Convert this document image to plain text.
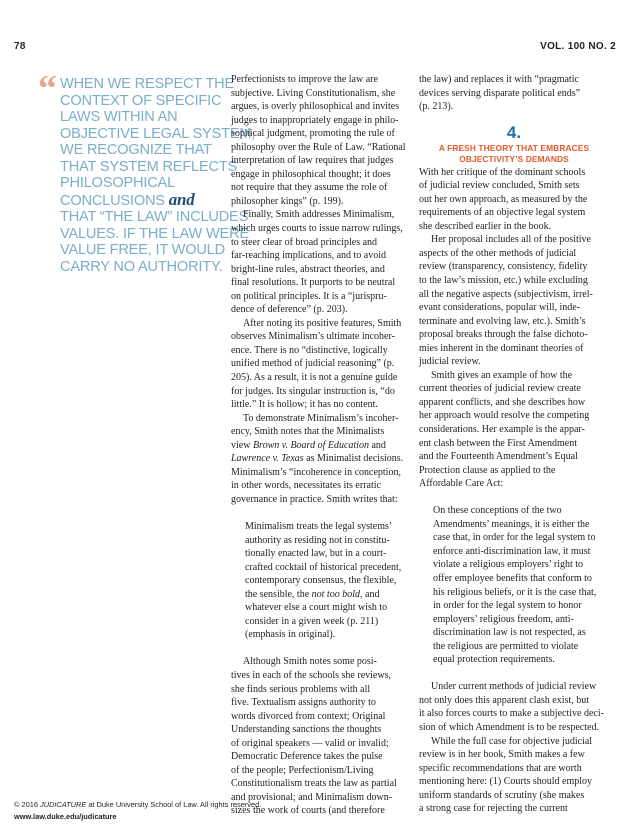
78	VOL. 100 NO. 2
“ WHEN WE RESPECT THE
CONTEXT OF SPECIFIC
LAWS WITHIN AN
OBJECTIVE LEGAL SYSTEM,
WE RECOGNIZE THAT
THAT SYSTEM REFLECTS
PHILOSOPHICAL
CONCLUSIONS and
THAT “THE LAW” INCLUDES
VALUES. IF THE LAW WERE
VALUE FREE, IT WOULD
CARRY NO AUTHORITY.

Perfectionists to improve the law are
subjective. Living Constitutionalism, she
argues, is overly philosophical and invites
judges to inappropriately engage in philo-
sophical judgment, promoting the rule of
philosophy over the Rule of Law. “Rational
interpretation of law requires that judges
engage in philosophical thought; it does
not require that they assume the role of
philosopher kings” (p. 199).

Finally, Smith addresses Minimalism,
which urges courts to issue narrow rulings,
to steer clear of broad principles and
far-reaching implications, and to avoid
bright-line rules, abstract theories, and
final resolutions. It purports to be neutral
on political principles. It is a “jurispru-
dence of deference” (p. 203).

After noting its positive features, Smith
observes Minimalism’s ultimate incoher-
ence. There is no “distinctive, logically
unified method of judicial reasoning” (p.
205). As a result, it is not a genuine guide
for judges. Its singular instruction is, “do
little.” It is hollow; it has no content.

To demonstrate Minimalism’s incoher-
ency, Smith notes that the Minimalists
view Brown v. Board of Education and
Lawrence v. Texas as Minimalist decisions.
Minimalism’s “incoherence in conception,
in other words, necessitates its erratic
governance in practice. Smith writes that:

Minimalism treats the legal systems’
authority as residing not in constitu-
tionally enacted law, but in a court-
crafted cocktail of historical precedent,
contemporary consensus, the flexible,
the sensible, the not too bold, and
whatever else a court might wish to
consider in a given week (p. 211)
(emphasis in original).

Although Smith notes some posi-
tives in each of the schools she reviews,
she finds serious problems with all
five. Textualism assigns authority to
words divorced from context; Original
Understanding sanctions the thoughts
of original speakers — valid or invalid;
Democratic Deference takes the pulse
of the people; Perfectionism/Living
Constitutionalism treats the law as partial
and provisional; and Minimalism down-
sizes the work of courts (and therefore

the law) and replaces it with “pragmatic
devices serving disparate political ends”
(p. 213).

4.
A FRESH THEORY THAT EMBRACES
OBJECTIVITY’S DEMANDS

With her critique of the dominant schools
of judicial review concluded, Smith sets
out her own approach, as measured by the
requirements of an objective legal system
she described earlier in the book.

Her proposal includes all of the positive
aspects of the other methods of judicial
review (transparency, consistency, fidelity
to the law’s mission, etc.) while excluding
all the negative aspects (subjectivism, irrel-
evant considerations, popular will, inde-
terminate and evolving law, etc.). Smith’s
proposal breaks through the false dichoto-
mies inherent in the dominant theories of
judicial review.

Smith gives an example of how the
current theories of judicial review create
apparent conflicts, and she describes how
her approach would resolve the competing
considerations. Her example is the appar-
ent clash between the First Amendment
and the Fourteenth Amendment’s Equal
Protection clause as applied to the
Affordable Care Act:

On these conceptions of the two
Amendments’ meanings, it is either the
case that, in order for the legal system to
enforce anti-discrimination law, it must
violate a religious employers’ right to
offer employee benefits that conform to
his religious beliefs, or it is the case that,
in order for the legal system to honor
employers’ religious freedom, anti-
discrimination law is not respected, as
the religious are permitted to violate
equal protection requirements.

Under current methods of judicial review
not only does this apparent clash exist, but
it also forces courts to make a subjective deci-
sion of which Amendment is to be respected.

While the full case for objective judicial
review is in her book, Smith makes a few
specific recommendations that are worth
mentioning here: (1) Courts should employ
uniform standards of scrutiny (she makes
a strong case for rejecting the current

© 2016 JUDICATURE at Duke University School of Law. All rights reserved.
www.law.duke.edu/judicature
